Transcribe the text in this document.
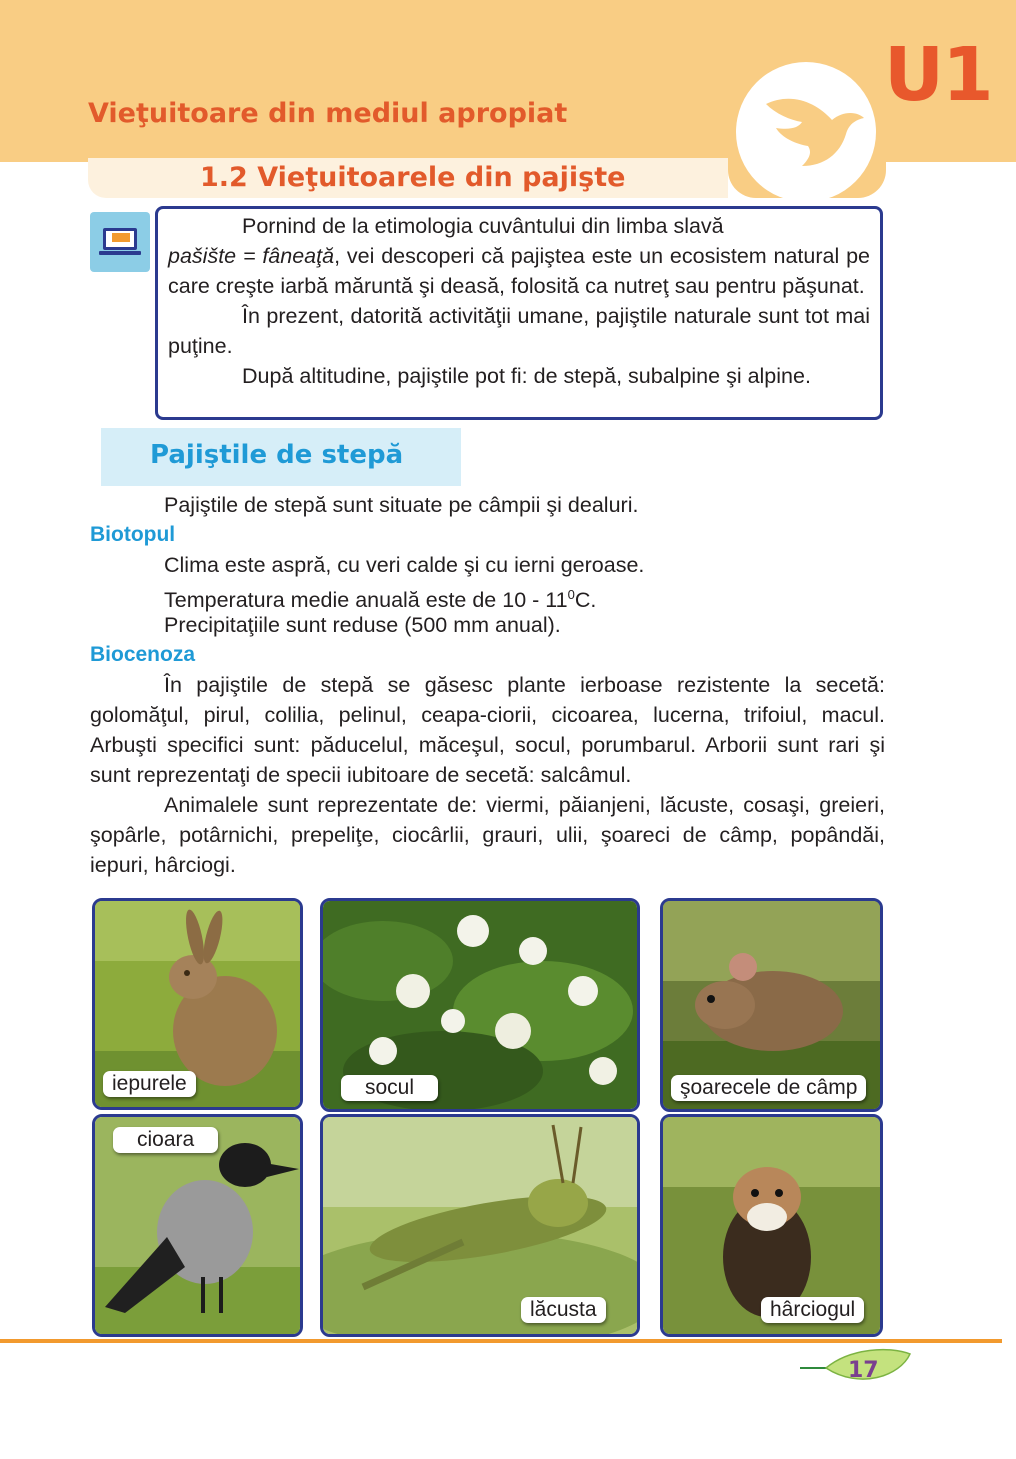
U1
Vieţuitoare din mediul apropiat
1.2 Vieţuitoarele din pajişte

Pornind de la etimologia cuvântului din limba slavă

pašište = fâneaţă, vei descoperi că pajiştea este un ecosistem natural pe care creşte iarbă măruntă şi deasă, folosită ca nutreţ sau pentru păşunat.

În prezent, datorită activităţii umane, pajiştile naturale sunt tot mai puţine.

După altitudine, pajiştile pot fi: de stepă, subalpine şi alpine.

Pajiştile de stepă

Pajiştile de stepă sunt situate pe câmpii şi dealuri.

Biotopul

Clima este aspră, cu veri calde şi cu ierni geroase.

Temperatura medie anuală este de $10 - 11^0C$.

Precipitaţiile sunt reduse (500 mm anual).

Biocenoza

În pajiştile de stepă se găsesc plante ierboase rezistente la secetă: golomăţul, pirul, colilia, pelinul, ceapa-ciorii, cicoarea, lucerna, trifoiul, macul. Arbuşti specifici sunt: păducelul, măceşul, socul, porumbarul. Arborii sunt rari şi sunt reprezentaţi de specii iubitoare de secetă: salcâmul.

Animalele sunt reprezentate de: viermi, păianjeni, lăcuste, cosaşi, greieri, şopârle, potârnichi, prepeliţe, ciocârlii, grauri, ulii, şoareci de câmp, popândăi, iepuri, hârciogi.

iepurele	socul	şoarecele de câmp
cioara
lăcusta	hârciogul
17
